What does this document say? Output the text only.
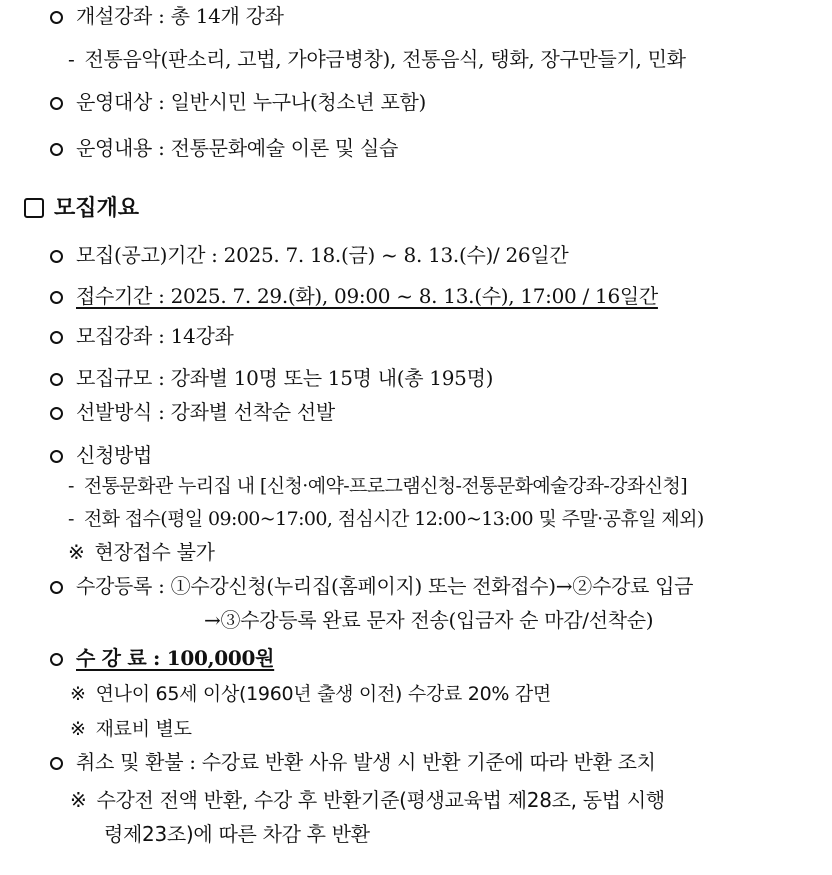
개설강좌 : 총 14개 강좌
- 전통음악(판소리, 고법, 가야금병창), 전통음식, 탱화, 장구만들기, 민화
운영대상 : 일반시민 누구나(청소년 포함)
운영내용 : 전통문화예술 이론 및 실습
모집개요
모집(공고)기간 : 2025. 7. 18.(금) ~ 8. 13.(수)/ 26일간
접수기간 : 2025. 7. 29.(화), 09:00 ~ 8. 13.(수), 17:00 / 16일간
모집강좌 : 14강좌
모집규모 : 강좌별 10명 또는 15명 내(총 195명)
선발방식 : 강좌별 선착순 선발
신청방법
- 전통문화관 누리집 내 [신청·예약-프로그램신청-전통문화예술강좌-강좌신청]
- 전화 접수(평일 09:00~17:00, 점심시간 12:00~13:00 및 주말·공휴일 제외)
※ 현장접수 불가
수강등록 : ①수강신청(누리집(홈페이지) 또는 전화접수)→②수강료 입금
→③수강등록 완료 문자 전송(입금자 순 마감/선착순)
수 강 료 : 100,000원
※ 연나이 65세 이상(1960년 출생 이전) 수강료 20% 감면
※ 재료비 별도
취소 및 환불 : 수강료 반환 사유 발생 시 반환 기준에 따라 반환 조치
※ 수강전 전액 반환, 수강 후 반환기준(평생교육법 제28조, 동법 시행
령제23조)에 따른 차감 후 반환
